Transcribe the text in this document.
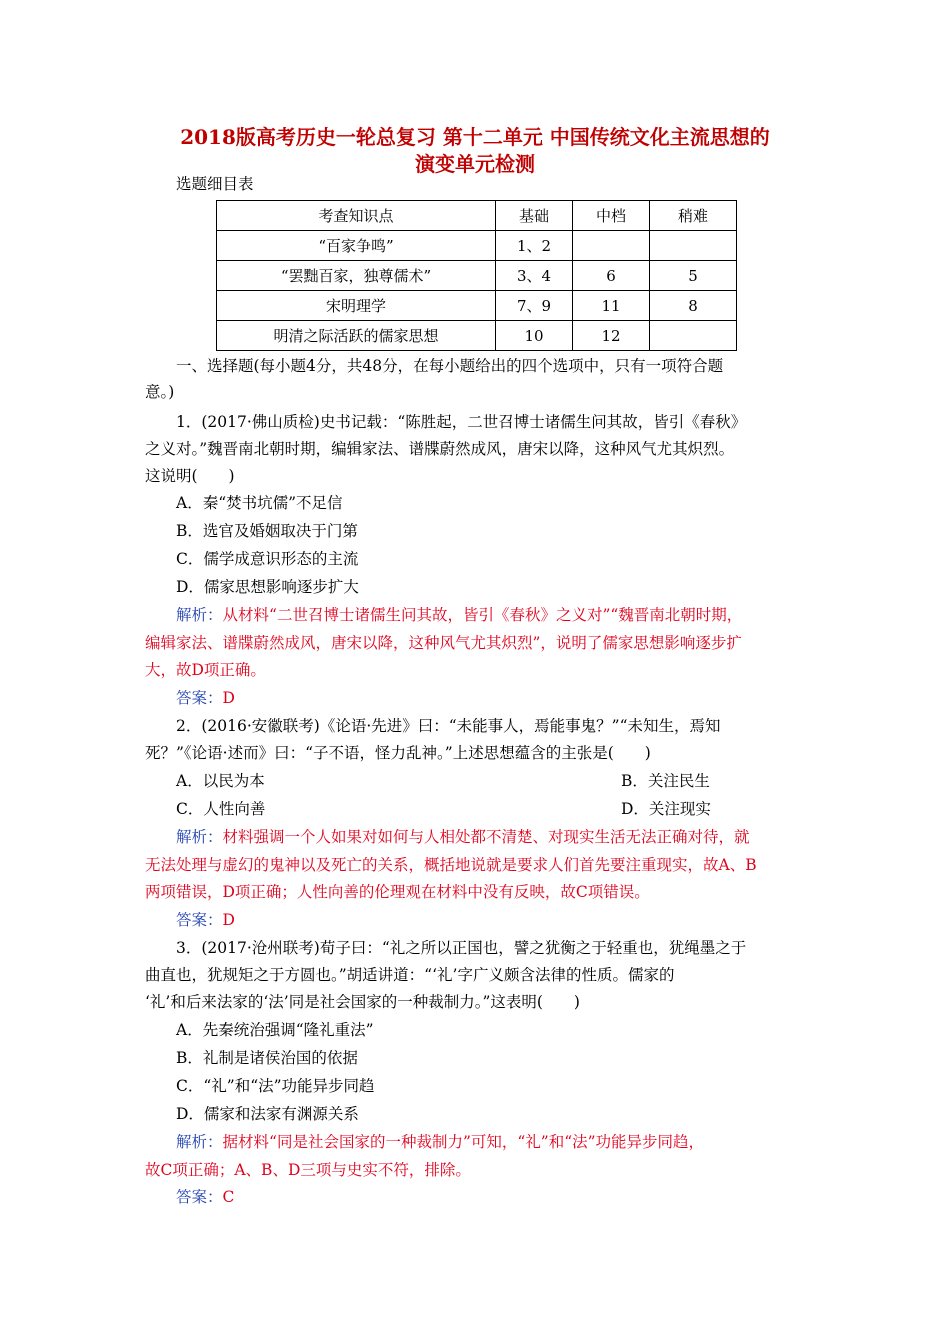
2018版高考历史一轮总复习 第十二单元 中国传统文化主流思想的
演变单元检测

选题细目表

考查知识点	基础	中档	稍难
“百家争鸣”	1、2		
“罢黜百家，独尊儒术”	3、4	6	5
宋明理学	7、9	11	8
明清之际活跃的儒家思想	10	12	

一、选择题(每小题4分，共48分，在每小题给出的四个选项中，只有一项符合题

意。)

1．(2017·佛山质检)史书记载：“陈胜起，二世召博士诸儒生问其故，皆引《春秋》

之义对。”魏晋南北朝时期，编辑家法、谱牒蔚然成风，唐宋以降，这种风气尤其炽烈。

这说明(　　)

A．秦“焚书坑儒”不足信

B．选官及婚姻取决于门第

C．儒学成意识形态的主流

D．儒家思想影响逐步扩大

解析：从材料“二世召博士诸儒生问其故，皆引《春秋》之义对”“魏晋南北朝时期，

编辑家法、谱牒蔚然成风，唐宋以降，这种风气尤其炽烈”，说明了儒家思想影响逐步扩

大，故D项正确。

答案：D

2．(2016·安徽联考)《论语·先进》曰：“未能事人，焉能事鬼？”“未知生，焉知

死？”《论语·述而》曰：“子不语，怪力乱神。”上述思想蕴含的主张是(　　)

A．以民为本	B．关注民生

C．人性向善	D．关注现实

解析：材料强调一个人如果对如何与人相处都不清楚、对现实生活无法正确对待，就

无法处理与虚幻的鬼神以及死亡的关系，概括地说就是要求人们首先要注重现实，故A、B

两项错误，D项正确；人性向善的伦理观在材料中没有反映，故C项错误。

答案：D

3．(2017·沧州联考)荀子曰：“礼之所以正国也，譬之犹衡之于轻重也，犹绳墨之于

曲直也，犹规矩之于方圆也。”胡适讲道：“‘礼’字广义颇含法律的性质。儒家的

‘礼’和后来法家的‘法’同是社会国家的一种裁制力。”这表明(　　)

A．先秦统治强调“隆礼重法”

B．礼制是诸侯治国的依据

C．“礼”和“法”功能异步同趋

D．儒家和法家有渊源关系

解析：据材料“同是社会国家的一种裁制力”可知，“礼”和“法”功能异步同趋，

故C项正确；A、B、D三项与史实不符，排除。

答案：C
